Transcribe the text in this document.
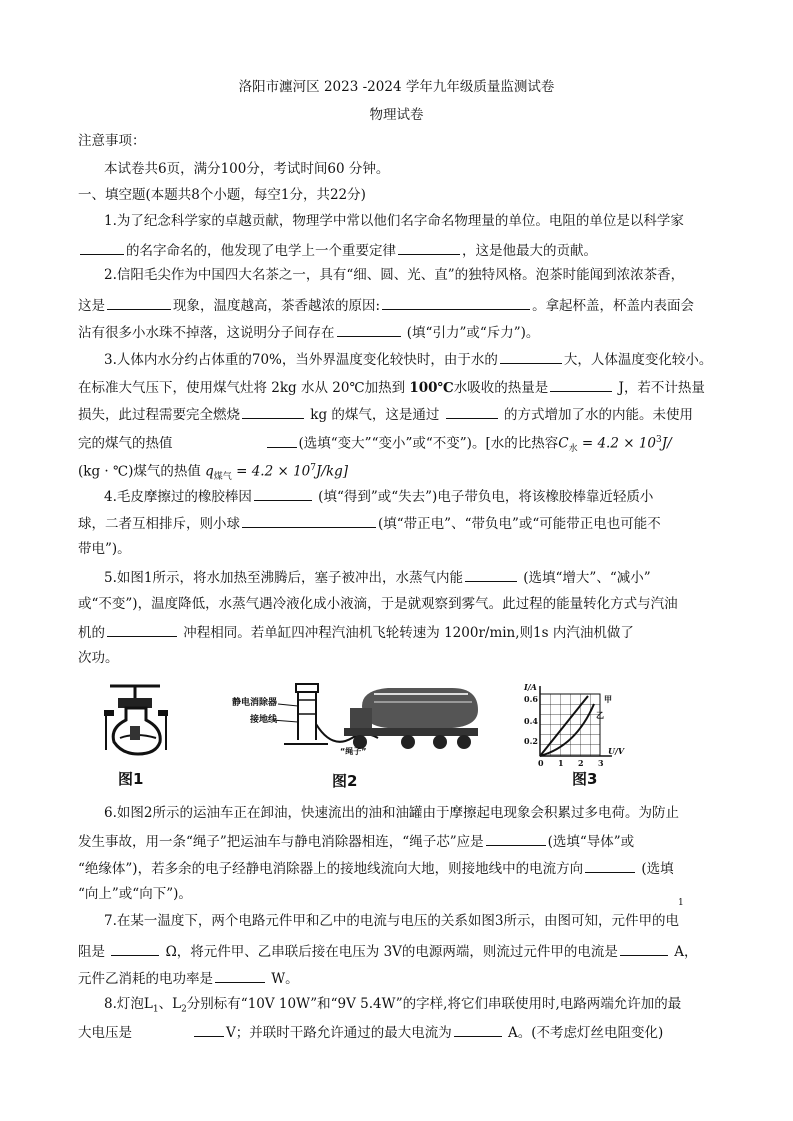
洛阳市瀍河区 2023 -2024 学年九年级质量监测试卷
物理试卷
注意事项：
本试卷共6页，满分100分，考试时间60 分钟。
一、填空题(本题共8个小题，每空1分，共22分)
1.为了纪念科学家的卓越贡献，物理学中常以他们名字命名物理量的单位。电阻的单位是以科学家
的名字命名的，他发现了电学上一个重要定律	，这是他最大的贡献。
2.信阳毛尖作为中国四大名茶之一，具有“细、圆、光、直”的独特风格。泡茶时能闻到浓浓茶香，
这是	现象，温度越高，茶香越浓的原因:	。拿起杯盖，杯盖内表面会
沾有很多小水珠不掉落，这说明分子间存在	(填“引力”或“斥力”)。
3.人体内水分约占体重的70%，当外界温度变化较快时，由于水的	大，人体温度变化较小。
在标准大气压下，使用煤气灶将 2kg 水从 20℃加热到 100℃水吸收的热量是	J，若不计热量
损失，此过程需要完全燃烧	kg 的煤气，这是通过	的方式增加了水的内能。未使用
完的煤气的热值	(选填“变大”“变小”或“不变”)。[水的比热容$C_水 = 4.2 \times 10^3J/$
(kg · ℃)煤气的热值 $q_{煤气} = 4.2 \times 10^7J/kg$]
4.毛皮摩擦过的橡胶棒因	(填“得到”或“失去”)电子带负电，将该橡胶棒靠近轻质小
球，二者互相排斥，则小球	(填“带正电”、“带负电”或“可能带正电也可能不
带电”)。
5.如图1所示，将水加热至沸腾后，塞子被冲出，水蒸气内能	(选填“增大”、“减小”
或“不变”)，温度降低，水蒸气遇冷液化成小液滴，于是就观察到雾气。此过程的能量转化方式与汽油
机的	冲程相同。若单缸四冲程汽油机飞轮转速为 1200r/min,则1s 内汽油机做了
次功。
图1
静电消除器
接地线
“绳子”
图2
I/A
U/V
0.6
0.4
0.2
0 1 2 3
甲
乙
图3
6.如图2所示的运油车正在卸油，快速流出的油和油罐由于摩擦起电现象会积累过多电荷。为防止
发生事故，用一条“绳子”把运油车与静电消除器相连，“绳子芯”应是	(选填“导体”或
“绝缘体”)，若多余的电子经静电消除器上的接地线流向大地，则接地线中的电流方向	(选填
“向上”或“向下”)。
1
7.在某一温度下，两个电路元件甲和乙中的电流与电压的关系如图3所示，由图可知，元件甲的电
阻是	Ω，将元件甲、乙串联后接在电压为 3V的电源两端，则流过元件甲的电流是	A，
元件乙消耗的电功率是	W。
8.灯泡$L_1$、$L_2$分别标有“10V 10W”和“9V 5.4W”的字样,将它们串联使用时,电路两端允许加的最
大电压是	V；并联时干路允许通过的最大电流为	A。(不考虑灯丝电阻变化)
